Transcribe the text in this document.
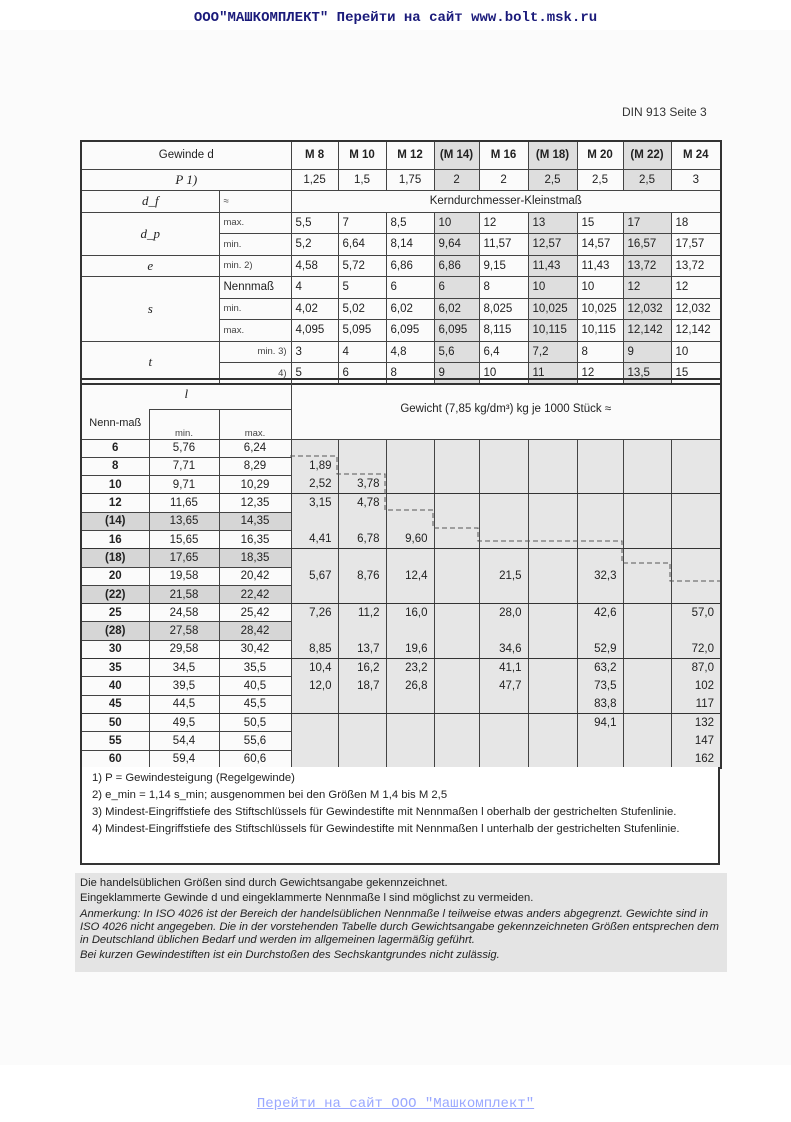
ООО"МАШКОМПЛЕКТ" Перейти на сайт www.bolt.msk.ru
DIN 913 Seite 3
Gewinde d		M 8	M 10	M 12	(M 14)	M 16	(M 18)	M 20	(M 22)	M 24
P 1)		1,25	1,5	1,75	2	2	2,5	2,5	2,5	3
d_f	≈	Kerndurchmesser-Kleinstmaß								
d_p	max.	5,5	7	8,5	10	12	13	15	17	18
	min.	5,2	6,64	8,14	9,64	11,57	12,57	14,57	16,57	17,57
e	min. 2)	4,58	5,72	6,86	6,86	9,15	11,43	11,43	13,72	13,72
s	Nennmaß	4	5	6	6	8	10	10	12	12
	min.	4,02	5,02	6,02	6,02	8,025	10,025	10,025	12,032	12,032
	max.	4,095	5,095	6,095	6,095	8,115	10,115	10,115	12,142	12,142
t	min. 3)	3	4	4,8	5,6	6,4	7,2	8	9	10
	4)	5	6	8	9	10	11	12	13,5	15
l			Gewicht (7,85 kg/dm³) kg je 1000 Stück ≈								
Nenn-maß	min.	max.									
6	5,76	6,24									
8	7,71	8,29	1,89								
10	9,71	10,29	2,52	3,78							
12	11,65	12,35	3,15	4,78							
(14)	13,65	14,35									
16	15,65	16,35	4,41	6,78	9,60						
(18)	17,65	18,35									
20	19,58	20,42	5,67	8,76	12,4		21,5		32,3		
(22)	21,58	22,42									
25	24,58	25,42	7,26	11,2	16,0		28,0		42,6		57,0
(28)	27,58	28,42									
30	29,58	30,42	8,85	13,7	19,6		34,6		52,9		72,0
35	34,5	35,5	10,4	16,2	23,2		41,1		63,2		87,0
40	39,5	40,5	12,0	18,7	26,8		47,7		73,5		102
45	44,5	45,5							83,8		117
50	49,5	50,5							94,1		132
55	54,4	55,6									147
60	59,4	60,6									162
1) P = Gewindesteigung (Regelgewinde)
2) e_min = 1,14 s_min; ausgenommen bei den Größen M 1,4 bis M 2,5
3) Mindest-Eingriffstiefe des Stiftschlüssels für Gewindestifte mit Nennmaßen l oberhalb der gestrichelten Stufenlinie.
4) Mindest-Eingriffstiefe des Stiftschlüssels für Gewindestifte mit Nennmaßen l unterhalb der gestrichelten Stufenlinie.

Die handelsüblichen Größen sind durch Gewichtsangabe gekennzeichnet.

Eingeklammerte Gewinde d und eingeklammerte Nennmaße l sind möglichst zu vermeiden.

Anmerkung: In ISO 4026 ist der Bereich der handelsüblichen Nennmaße l teilweise etwas anders abgegrenzt. Gewichte sind in ISO 4026 nicht angegeben. Die in der vorstehenden Tabelle durch Gewichtsangabe gekennzeichneten Größen entsprechen dem in Deutschland üblichen Bedarf und werden im allgemeinen lagermäßig geführt.

Bei kurzen Gewindestiften ist ein Durchstoßen des Sechskantgrundes nicht zulässig.

Перейти на сайт ООО "Машкомплект"
